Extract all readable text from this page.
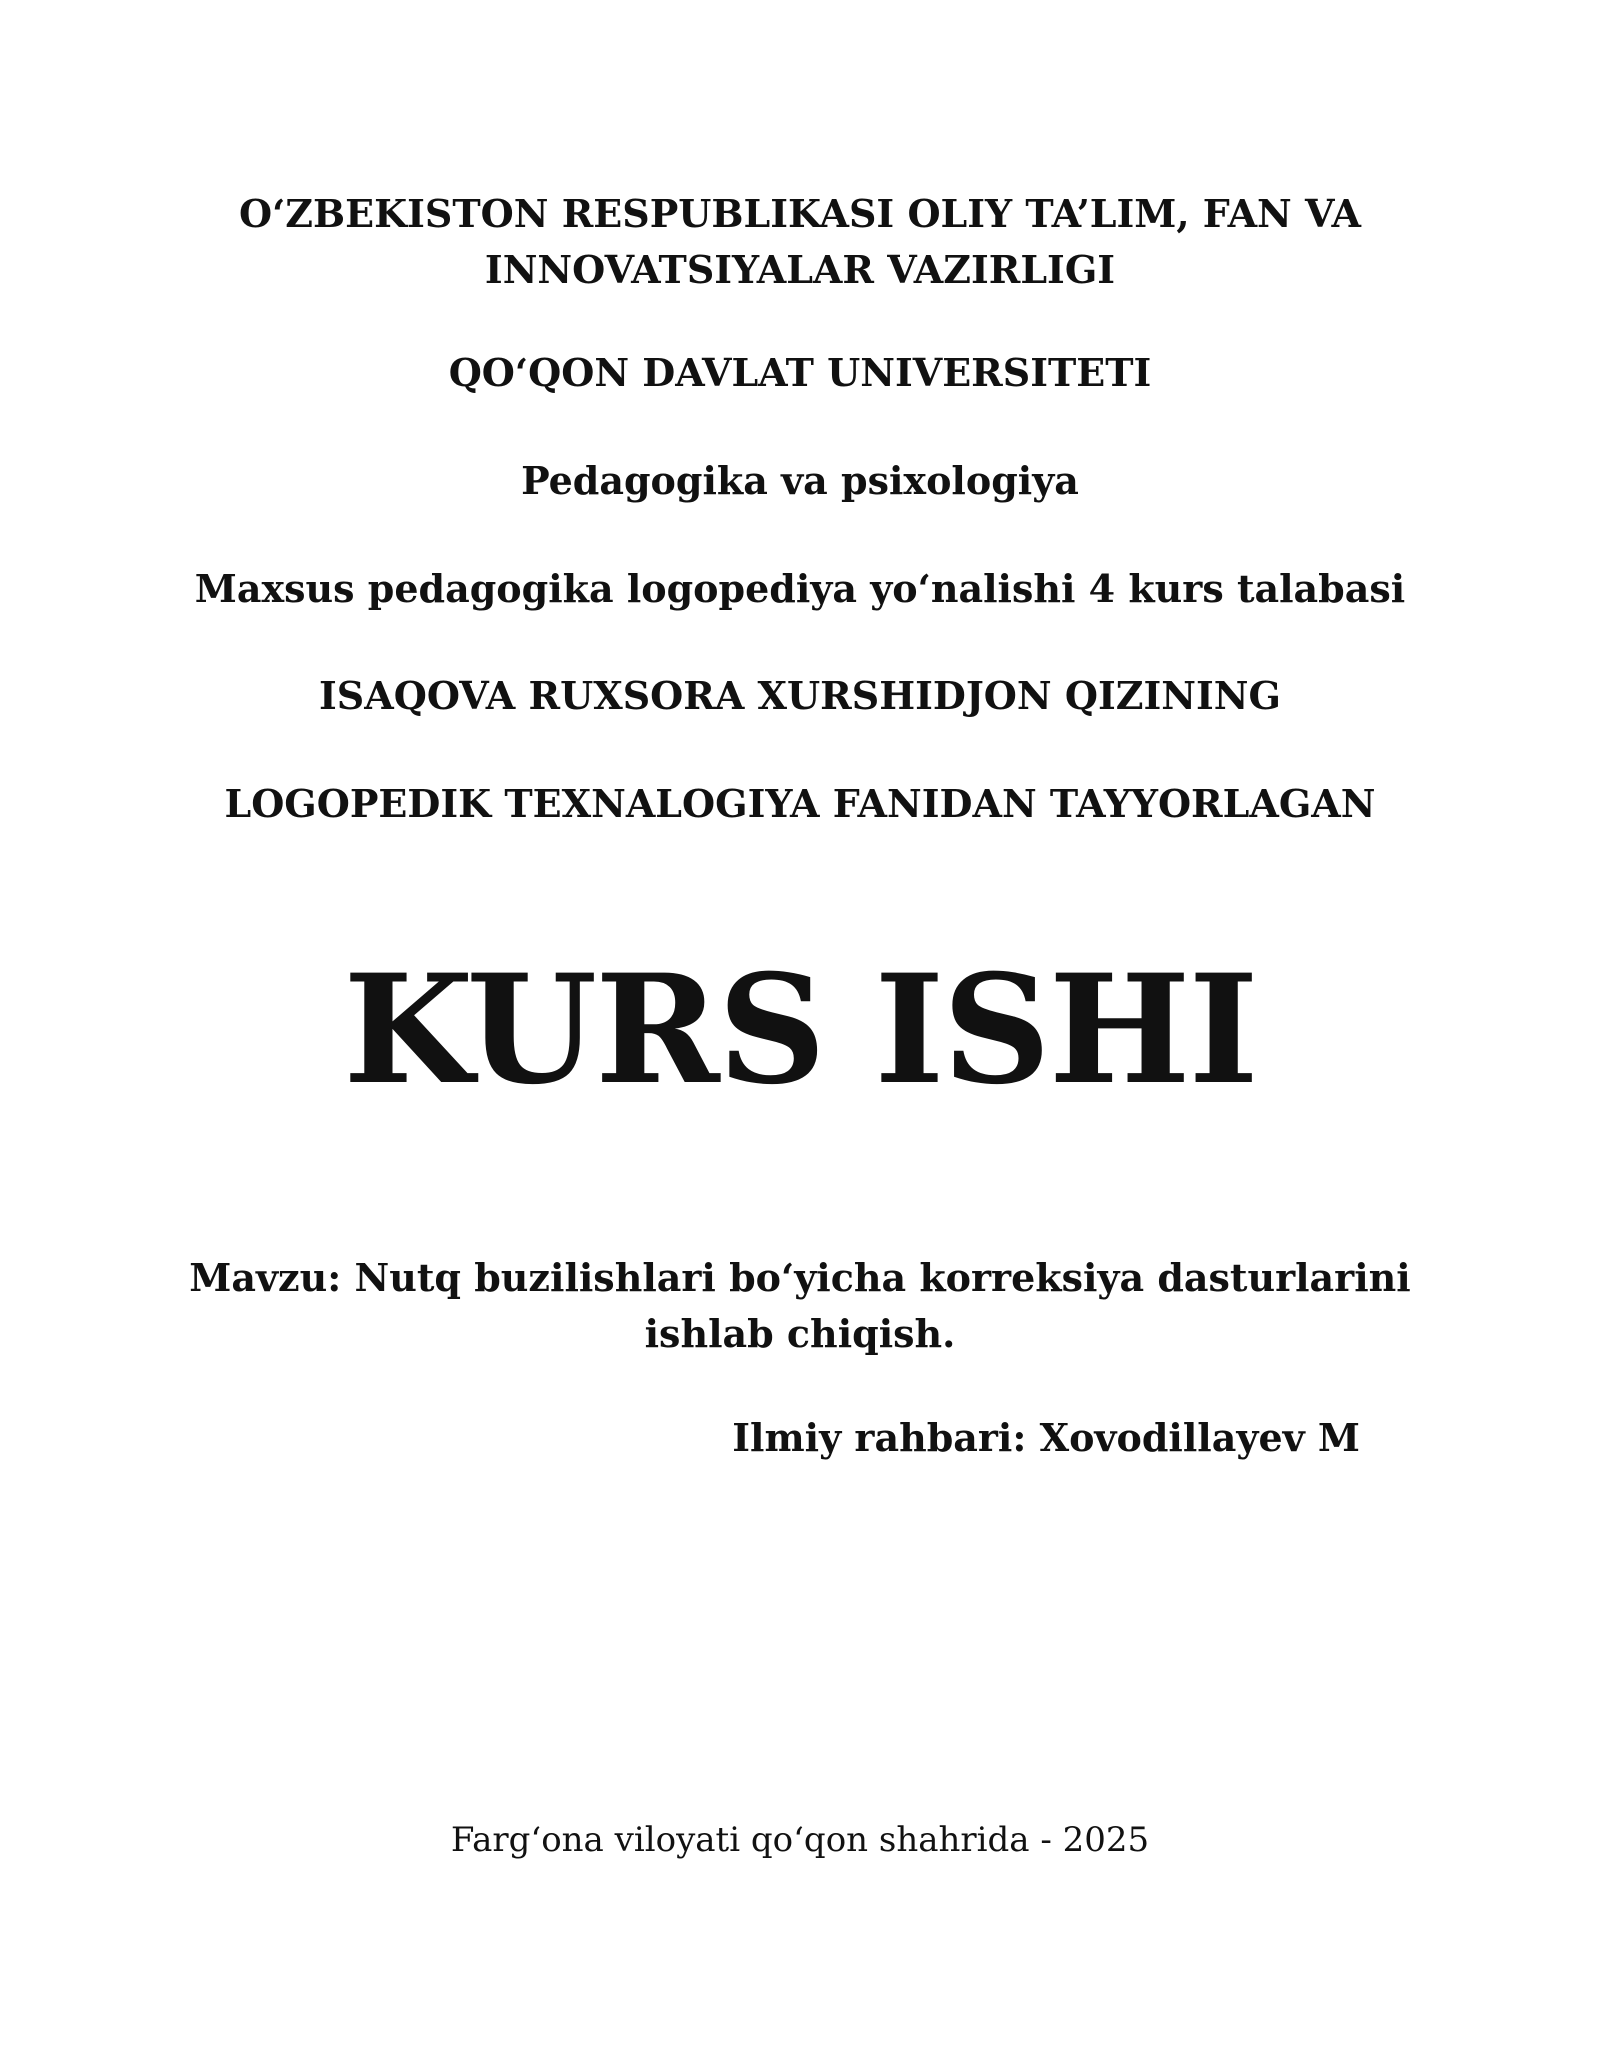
O‘ZBEKISTON RESPUBLIKASI OLIY TA’LIM, FAN VA
INNOVATSIYALAR VAZIRLIGI
QO‘QON DAVLAT UNIVERSITETI
Pedagogika va psixologiya
Maxsus pedagogika logopediya yo‘nalishi 4 kurs talabasi
ISAQOVA RUXSORA XURSHIDJON QIZINING
LOGOPEDIK TEXNALOGIYA FANIDAN TAYYORLAGAN
KURS ISHI
Mavzu: Nutq buzilishlari bo‘yicha korreksiya dasturlarini
ishlab chiqish.
Ilmiy rahbari: Xovodillayev M
Farg‘ona viloyati qo‘qon shahrida - 2025
